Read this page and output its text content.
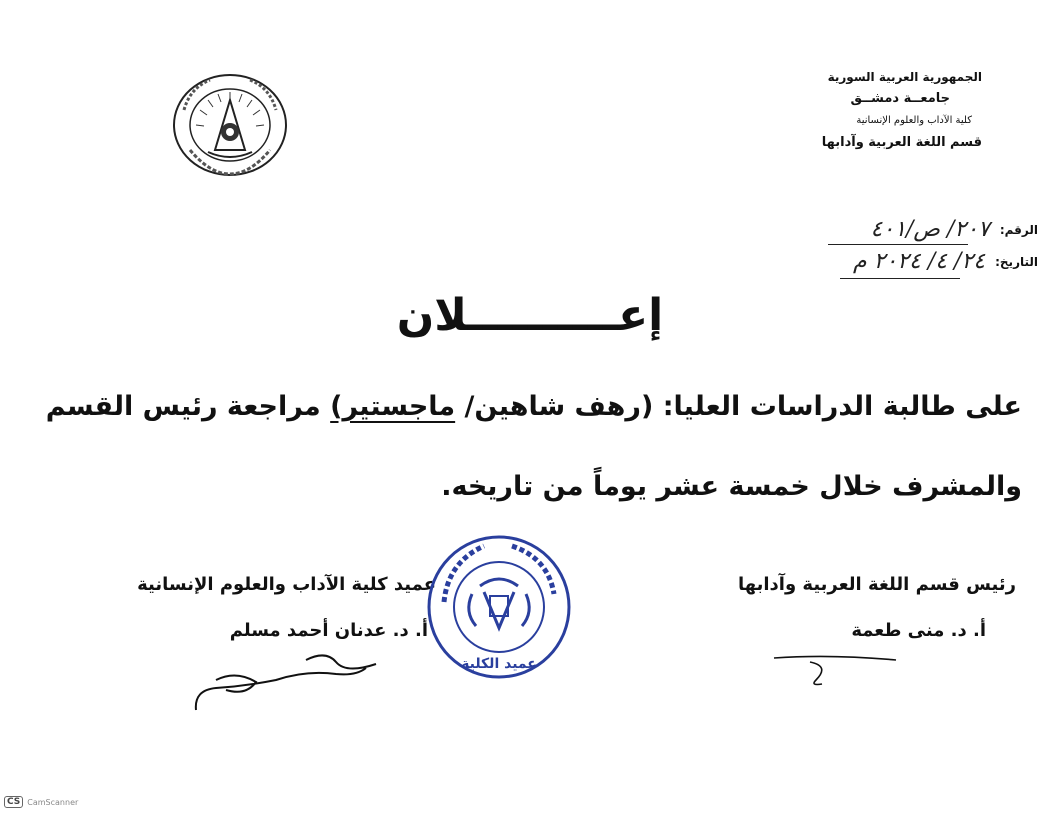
الجمهورية العربية السورية
جامعــة دمشــق
كلية الآداب والعلوم الإنسانية
قسم اللغة العربية وآدابها
الرقم:
٢٠٧/ ص/٤٠١
التاريخ:
٢٤/ ٤/ ٢٠٢٤ م
إعــــــــــلان
على طالبة الدراسات العليا: (رهف شاهين/ ماجستير) مراجعة رئيس القسم
والمشرف خلال خمسة عشر يوماً من تاريخه.
رئيس قسم اللغة العربية وآدابها
أ. د. منى طعمة
عميد كلية الآداب والعلوم الإنسانية
أ. د. عدنان أحمد مسلم
عميد الكلية
CS CamScanner
